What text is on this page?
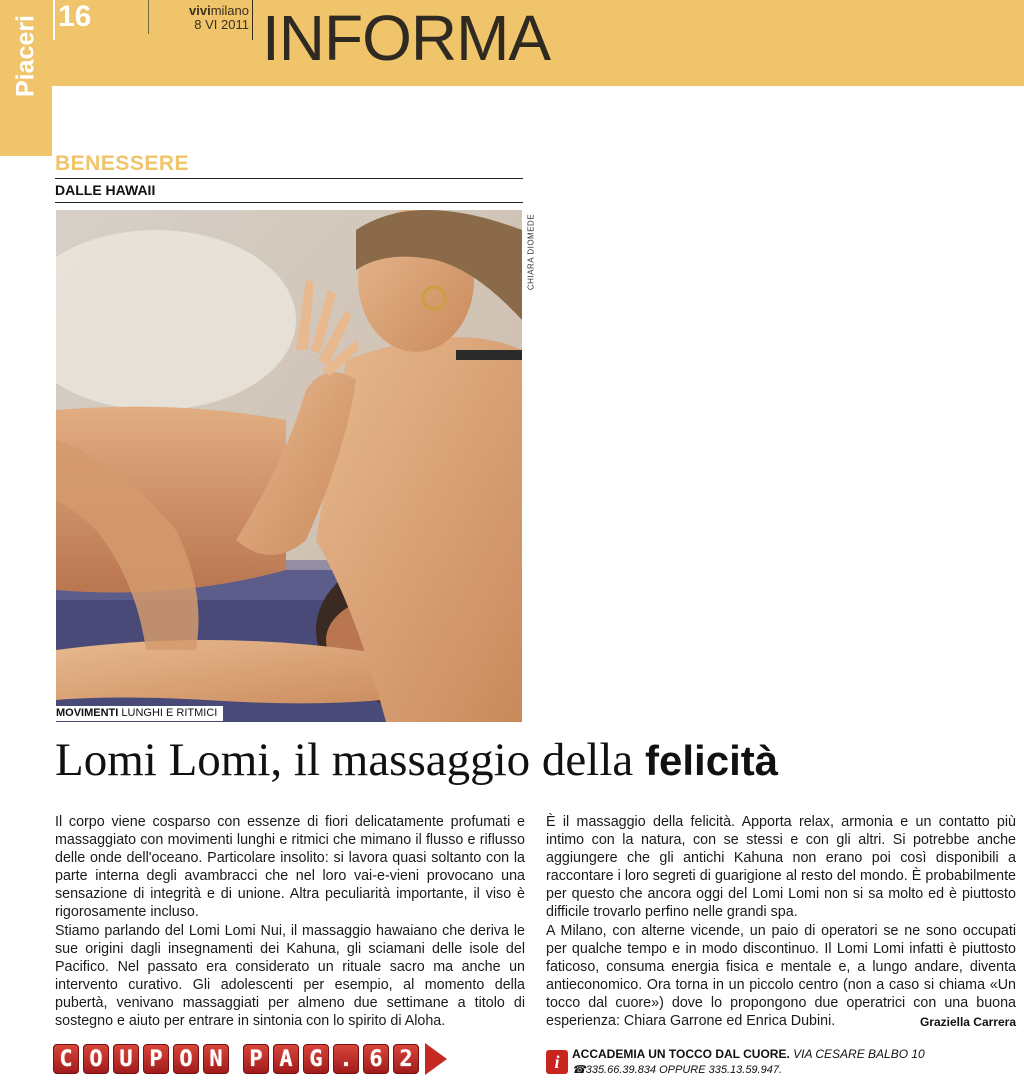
Piaceri 16	vivimilano
8 VI 2011 INFORMA
BENESSERE
DALLE HAWAII
CHIARA DIOMEDE
MOVIMENTI LUNGHI E RITMICI
Lomi Lomi, il massaggio della felicità

Il corpo viene cosparso con essenze di fiori delicatamente profumati e massaggiato con movimenti lunghi e ritmici che mimano il flusso e riflusso delle onde dell'oceano. Particolare insolito: si lavora quasi soltanto con la parte interna degli avambracci che nel loro vai-e-vieni provocano una sensazione di integrità e di unione. Altra peculiarità importante, il viso è rigorosamente incluso.

Stiamo parlando del Lomi Lomi Nui, il massaggio hawaiano che deriva le sue origini dagli insegnamenti dei Kahuna, gli sciamani delle isole del Pacifico. Nel passato era considerato un rituale sacro ma anche un intervento curativo. Gli adolescenti per esempio, al momento della pubertà, venivano massaggiati per almeno due settimane a titolo di sostegno e aiuto per entrare in sintonia con lo spirito di Aloha.

È il massaggio della felicità. Apporta relax, armonia e un contatto più intimo con la natura, con se stessi e con gli altri. Si potrebbe anche aggiungere che gli antichi Kahuna non erano poi così disponibili a raccontare i loro segreti di guarigione al resto del mondo. È probabilmente per questo che ancora oggi del Lomi Lomi non si sa molto ed è piuttosto difficile trovarlo perfino nelle grandi spa.

A Milano, con alterne vicende, un paio di operatori se ne sono occupati per qualche tempo e in modo discontinuo. Il Lomi Lomi infatti è piuttosto faticoso, consuma energia fisica e mentale e, a lungo andare, diventa antieconomico. Ora torna in un piccolo centro (non a caso si chiama «Un tocco dal cuore») dove lo propongono due operatrici con una buona esperienza: Chiara Garrone ed Enrica Dubini.	Graziella Carrera

C O U P O N P A G . 6 2	i	ACCADEMIA UN TOCCO DAL CUORE. VIA CESARE BALBO 10
☎335.66.39.834 OPPURE 335.13.59.947.
